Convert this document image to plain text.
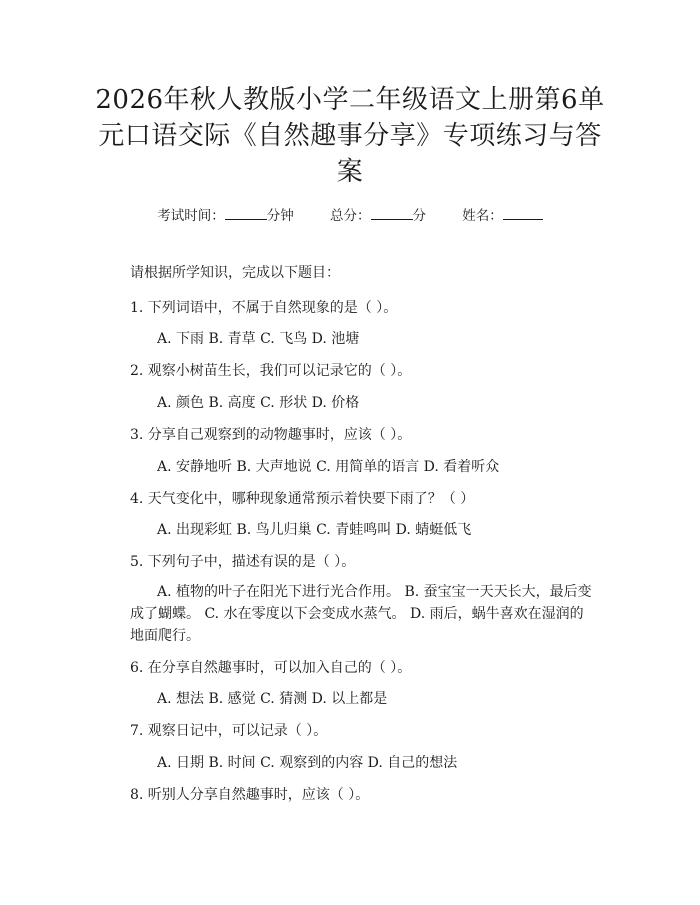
2026年秋人教版小学二年级语文上册第6单元口语交际《自然趣事分享》专项练习与答案
考试时间：	分钟	总分：	分	姓名：
请根据所学知识，完成以下题目：
1. 下列词语中，不属于自然现象的是（ ）。
A. 下雨 B. 青草 C. 飞鸟 D. 池塘
2. 观察小树苗生长，我们可以记录它的（ ）。
A. 颜色 B. 高度 C. 形状 D. 价格
3. 分享自己观察到的动物趣事时，应该（ ）。
A. 安静地听 B. 大声地说 C. 用简单的语言 D. 看着听众
4. 天气变化中，哪种现象通常预示着快要下雨了？（ ）
A. 出现彩虹 B. 鸟儿归巢 C. 青蛙鸣叫 D. 蜻蜓低飞
5. 下列句子中，描述有误的是（ ）。
A. 植物的叶子在阳光下进行光合作用。 B. 蚕宝宝一天天长大，最后变成了蝴蝶。 C. 水在零度以下会变成水蒸气。 D. 雨后，蜗牛喜欢在湿润的地面爬行。
6. 在分享自然趣事时，可以加入自己的（ ）。
A. 想法 B. 感觉 C. 猜测 D. 以上都是
7. 观察日记中，可以记录（ ）。
A. 日期 B. 时间 C. 观察到的内容 D. 自己的想法
8. 听别人分享自然趣事时，应该（ ）。
